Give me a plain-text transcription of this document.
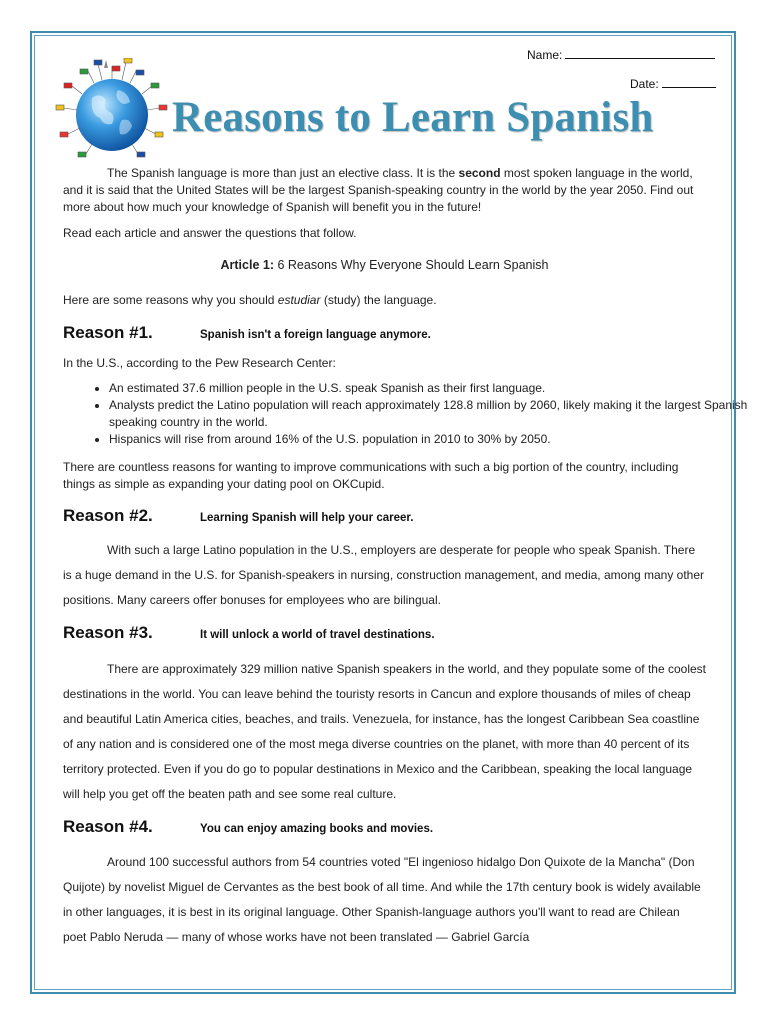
Name:
Date:
Reasons to Learn Spanish
The Spanish language is more than just an elective class. It is the second most spoken language in the world, and it is said that the United States will be the largest Spanish-speaking country in the world by the year 2050. Find out more about how much your knowledge of Spanish will benefit you in the future!
Read each article and answer the questions that follow.
Article 1: 6 Reasons Why Everyone Should Learn Spanish
Here are some reasons why you should estudiar (study) the language.
Reason #1.	Spanish isn't a foreign language anymore.
In the U.S., according to the Pew Research Center:
• An estimated 37.6 million people in the U.S. speak Spanish as their first language.
• Analysts predict the Latino population will reach approximately 128.8 million by 2060, likely making it the largest Spanish speaking country in the world.
• Hispanics will rise from around 16% of the U.S. population in 2010 to 30% by 2050.
There are countless reasons for wanting to improve communications with such a big portion of the country, including things as simple as expanding your dating pool on OKCupid.
Reason #2.	Learning Spanish will help your career.
With such a large Latino population in the U.S., employers are desperate for people who speak Spanish. There is a huge demand in the U.S. for Spanish-speakers in nursing, construction management, and media, among many other positions. Many careers offer bonuses for employees who are bilingual.
Reason #3.	It will unlock a world of travel destinations.
There are approximately 329 million native Spanish speakers in the world, and they populate some of the coolest destinations in the world. You can leave behind the touristy resorts in Cancun and explore thousands of miles of cheap and beautiful Latin America cities, beaches, and trails. Venezuela, for instance, has the longest Caribbean Sea coastline of any nation and is considered one of the most mega diverse countries on the planet, with more than 40 percent of its territory protected. Even if you do go to popular destinations in Mexico and the Caribbean, speaking the local language will help you get off the beaten path and see some real culture.
Reason #4.	You can enjoy amazing books and movies.
Around 100 successful authors from 54 countries voted "El ingenioso hidalgo Don Quixote de la Mancha" (Don Quijote) by novelist Miguel de Cervantes as the best book of all time. And while the 17th century book is widely available in other languages, it is best in its original language. Other Spanish-language authors you'll want to read are Chilean poet Pablo Neruda — many of whose works have not been translated — Gabriel García
